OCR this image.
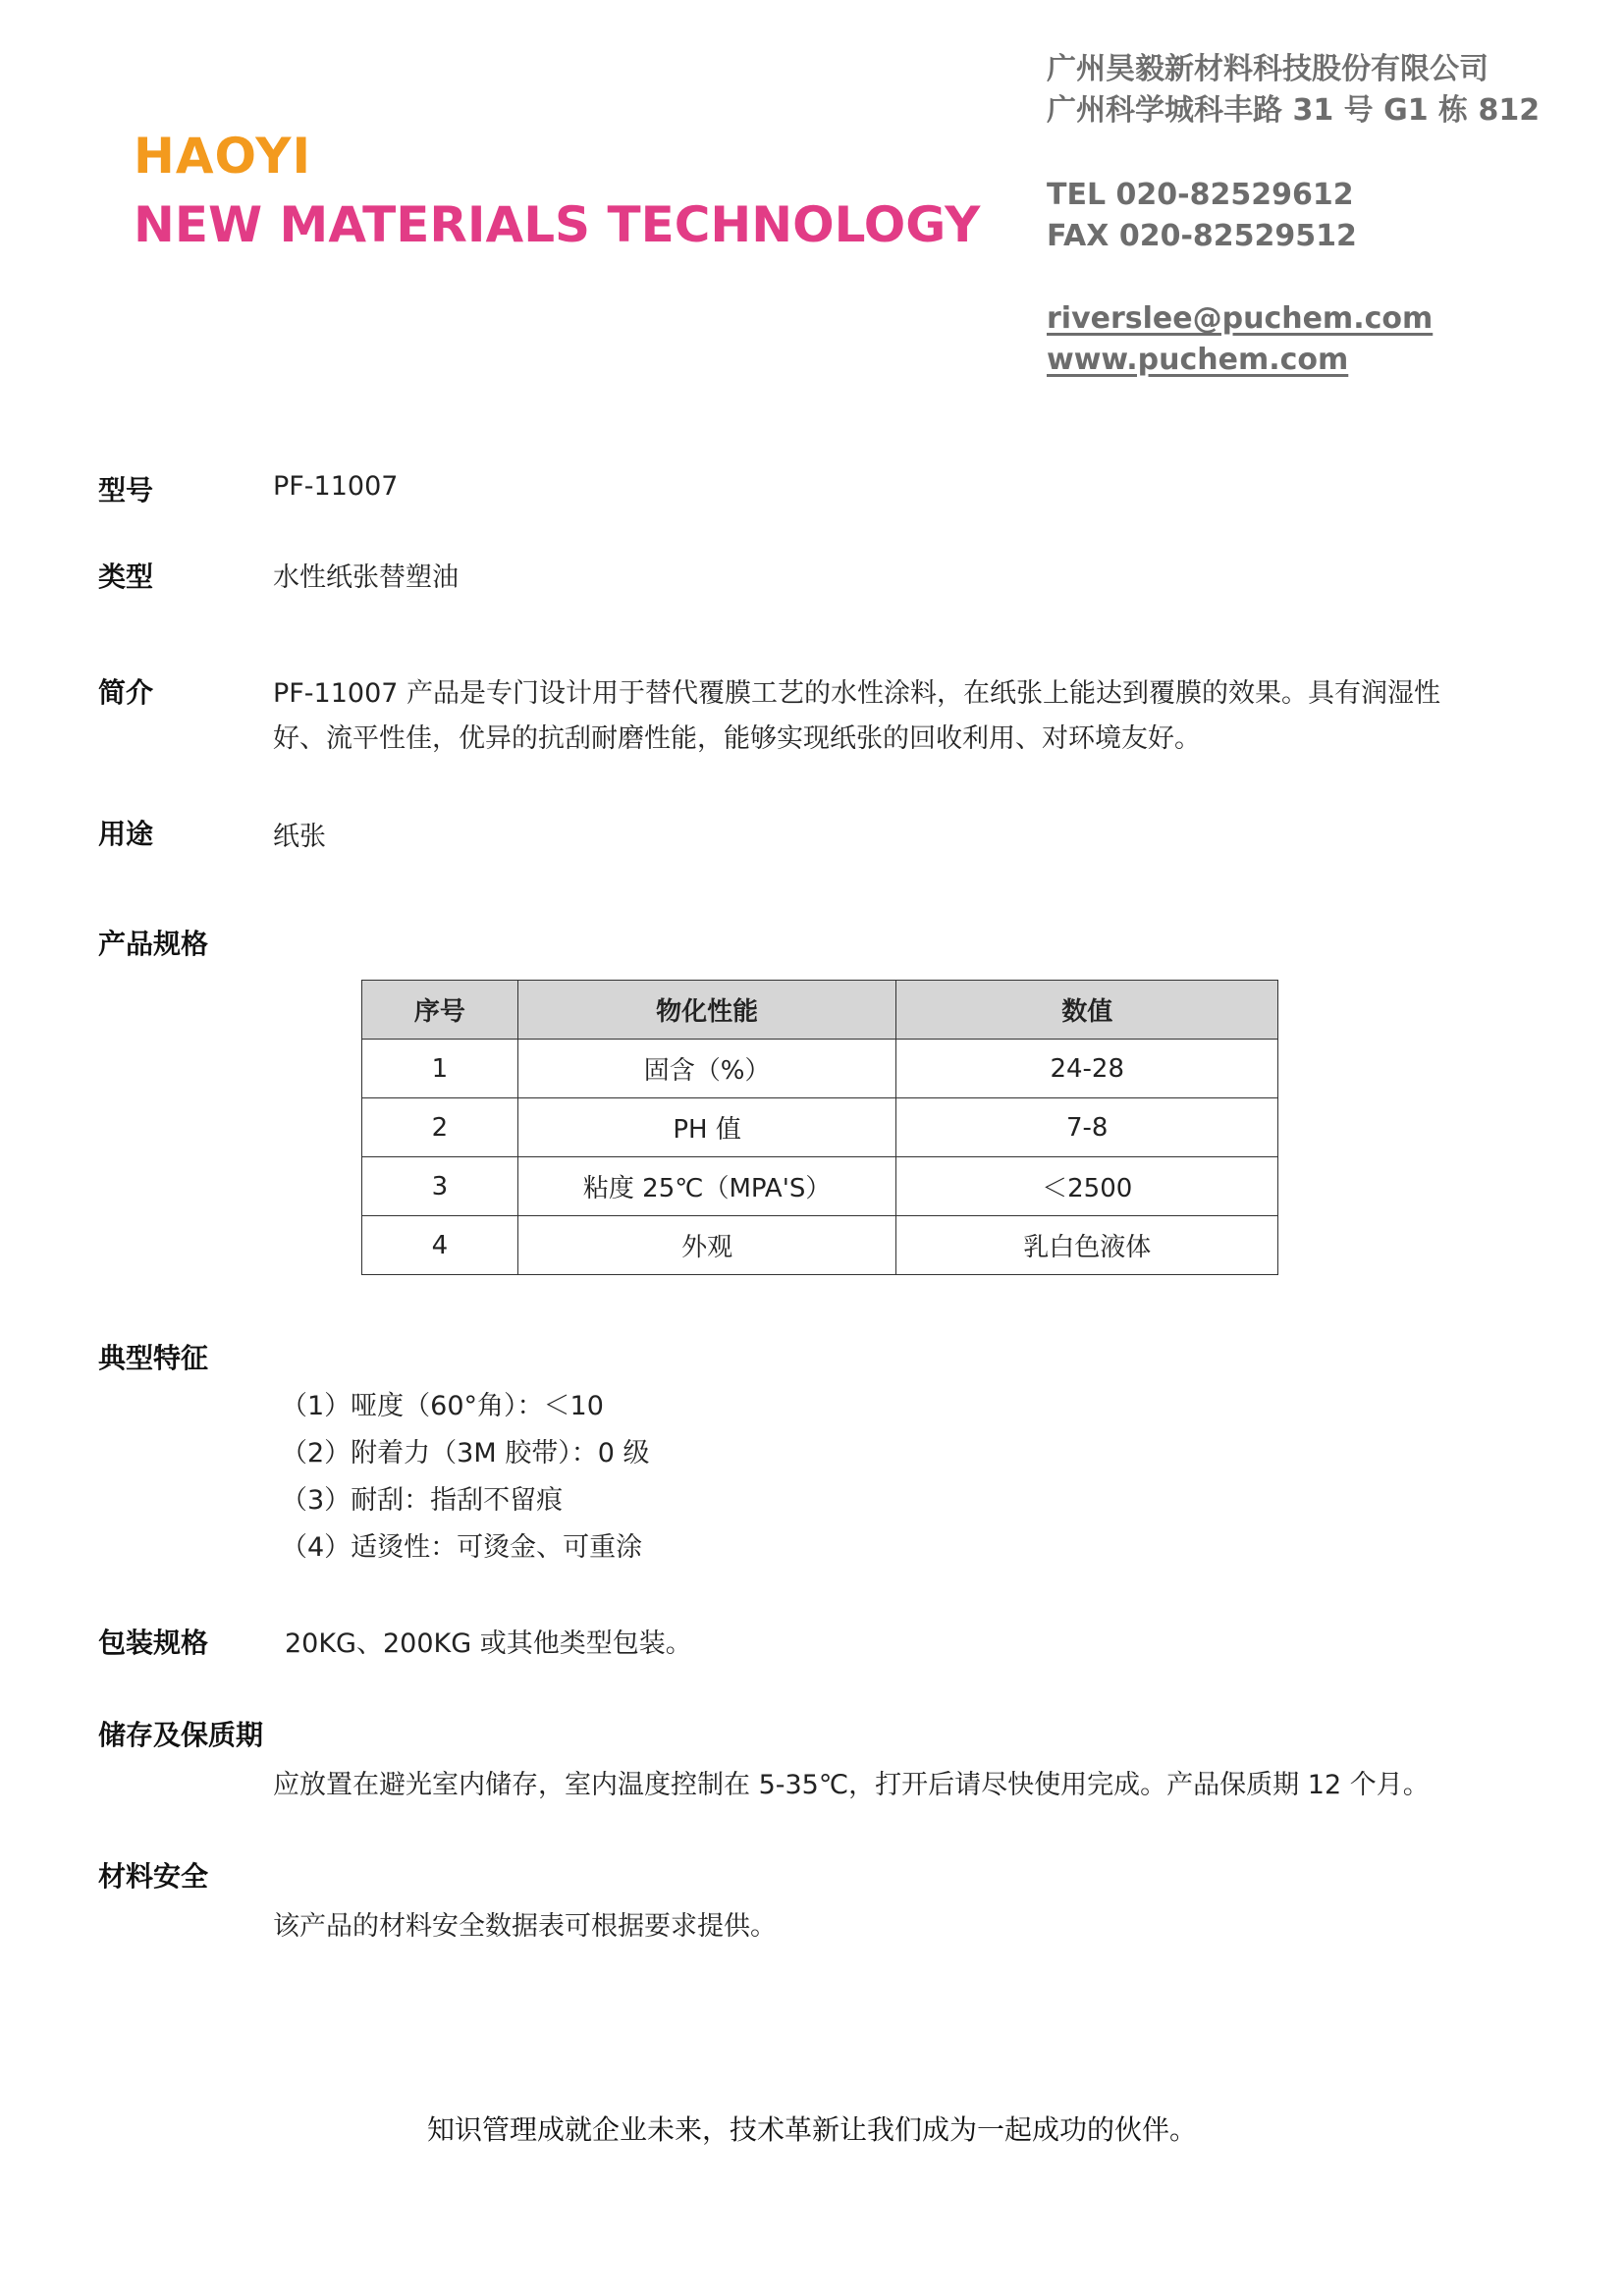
HAOYI
NEW MATERIALS TECHNOLOGY
广州昊毅新材料科技股份有限公司
广州科学城科丰路 31 号 G1 栋 812
TEL 020-82529612
FAX 020-82529512
riverslee@puchem.com
www.puchem.com
型号	PF-11007
类型	水性纸张替塑油
简介	PF-11007 产品是专门设计用于替代覆膜工艺的水性涂料，在纸张上能达到覆膜的效果。具有润湿性
好、流平性佳，优异的抗刮耐磨性能，能够实现纸张的回收利用、对环境友好。
用途	纸张
产品规格
序号	物化性能	数值
1	固含（%）	24-28
2	PH 值	7-8
3	粘度 25℃（MPA'S）	＜2500
4	外观	乳白色液体
典型特征
（1）哑度（60°角）：＜10
（2）附着力（3M 胶带）：0 级
（3）耐刮：指刮不留痕
（4）适烫性：可烫金、可重涂
包装规格	20KG、200KG 或其他类型包装。
储存及保质期
应放置在避光室内储存，室内温度控制在 5-35℃，打开后请尽快使用完成。产品保质期 12 个月。
材料安全
该产品的材料安全数据表可根据要求提供。
知识管理成就企业未来，技术革新让我们成为一起成功的伙伴。
